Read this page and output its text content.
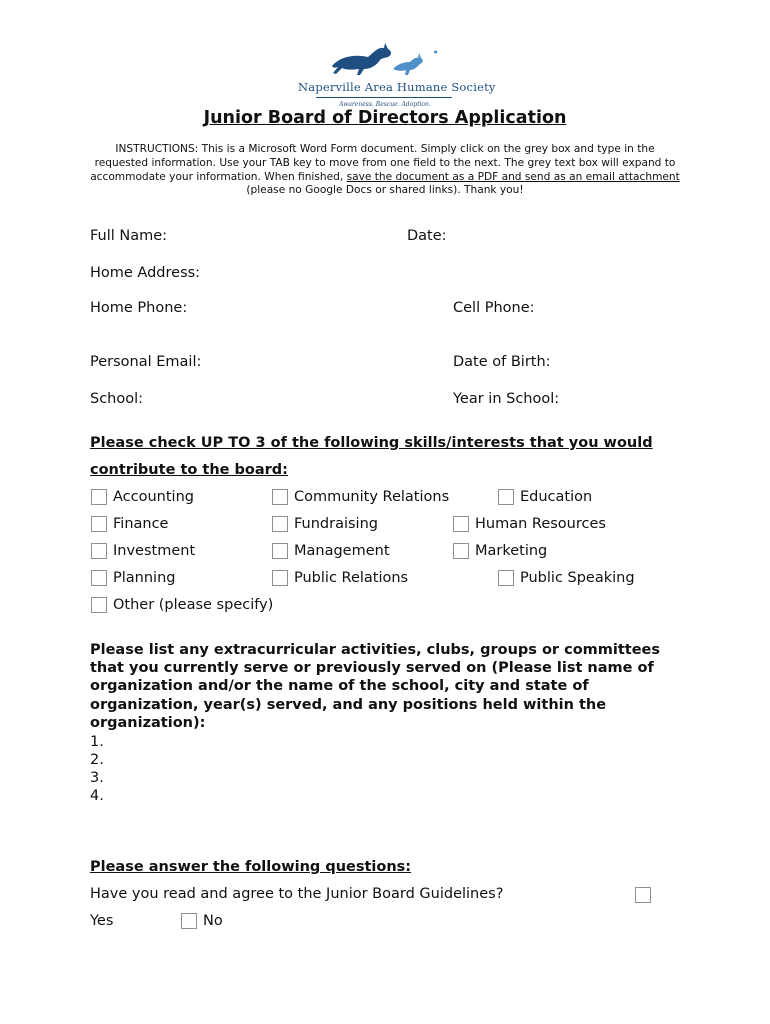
Naperville Area Humane Society
Awareness. Rescue. Adoption.
Junior Board of Directors Application
INSTRUCTIONS: This is a Microsoft Word Form document. Simply click on the grey box and type in the requested information. Use your TAB key to move from one field to the next. The grey text box will expand to accommodate your information. When finished, save the document as a PDF and send as an email attachment (please no Google Docs or shared links). Thank you!
Full Name:	Date:
Home Address:
Home Phone:	Cell Phone:
Personal Email:	Date of Birth:
School:	Year in School:
Please check UP TO 3 of the following skills/interests that you would
contribute to the board:
Accounting	Community Relations	Education
Finance	Fundraising	Human Resources
Investment	Management	Marketing
Planning	Public Relations	Public Speaking
Other (please specify)
Please list any extracurricular activities, clubs, groups or committees that you currently serve or previously served on (Please list name of organization and/or the name of the school, city and state of organization, year(s) served, and any positions held within the organization):
1.
2.
3.
4.
Please answer the following questions:
Have you read and agree to the Junior Board Guidelines?
Yes	No
